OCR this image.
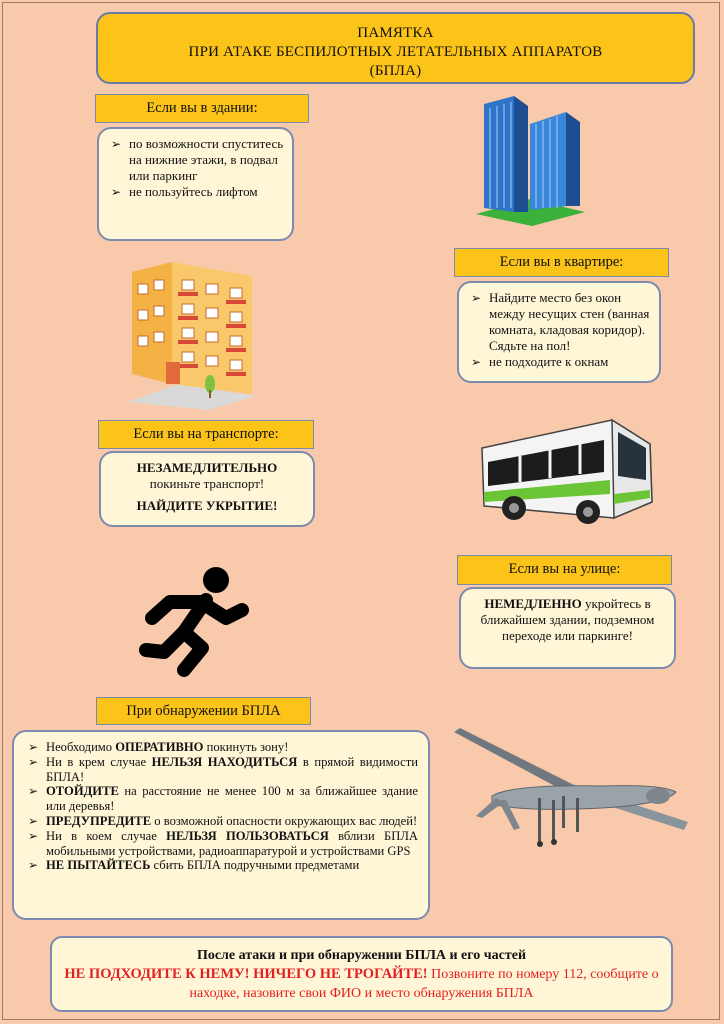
ПАМЯТКА
ПРИ АТАКЕ БЕСПИЛОТНЫХ ЛЕТАТЕЛЬНЫХ АППАРАТОВ
(БПЛА)
Если вы в здании:
➢ по возможности спуститесь на нижние этажи, в подвал или паркинг
➢ не пользуйтесь лифтом
Если вы в квартире:
➢ Найдите место без окон между несущих стен (ванная комната, кладовая коридор). Сядьте на пол!
➢ не подходите к окнам
Если вы на транспорте:
НЕЗАМЕДЛИТЕЛЬНО
покиньте транспорт!
НАЙДИТЕ УКРЫТИЕ!
Если вы на улице:
НЕМЕДЛЕННО укройтесь в ближайшем здании, подземном переходе или паркинге!
При обнаружении БПЛА
➢ Необходимо ОПЕРАТИВНО покинуть зону!
➢ Ни в крем случае НЕЛЬЗЯ НАХОДИТЬСЯ в прямой видимости БПЛА!
➢ ОТОЙДИТЕ на расстояние не менее 100 м за ближайшее здание или деревья!
➢ ПРЕДУПРЕДИТЕ о возможной опасности окружающих вас людей!
➢ Ни в коем случае НЕЛЬЗЯ ПОЛЬЗОВАТЬСЯ вблизи БПЛА мобильными устройствами, радиоаппаратурой и устройствами GPS
➢ НЕ ПЫТАЙТЕСЬ сбить БПЛА подручными предметами
После атаки и при обнаружении БПЛА и его частей
НЕ ПОДХОДИТЕ К НЕМУ! НИЧЕГО НЕ ТРОГАЙТЕ! Позвоните по номеру 112, сообщите о находке, назовите свои ФИО и место обнаружения БПЛА
